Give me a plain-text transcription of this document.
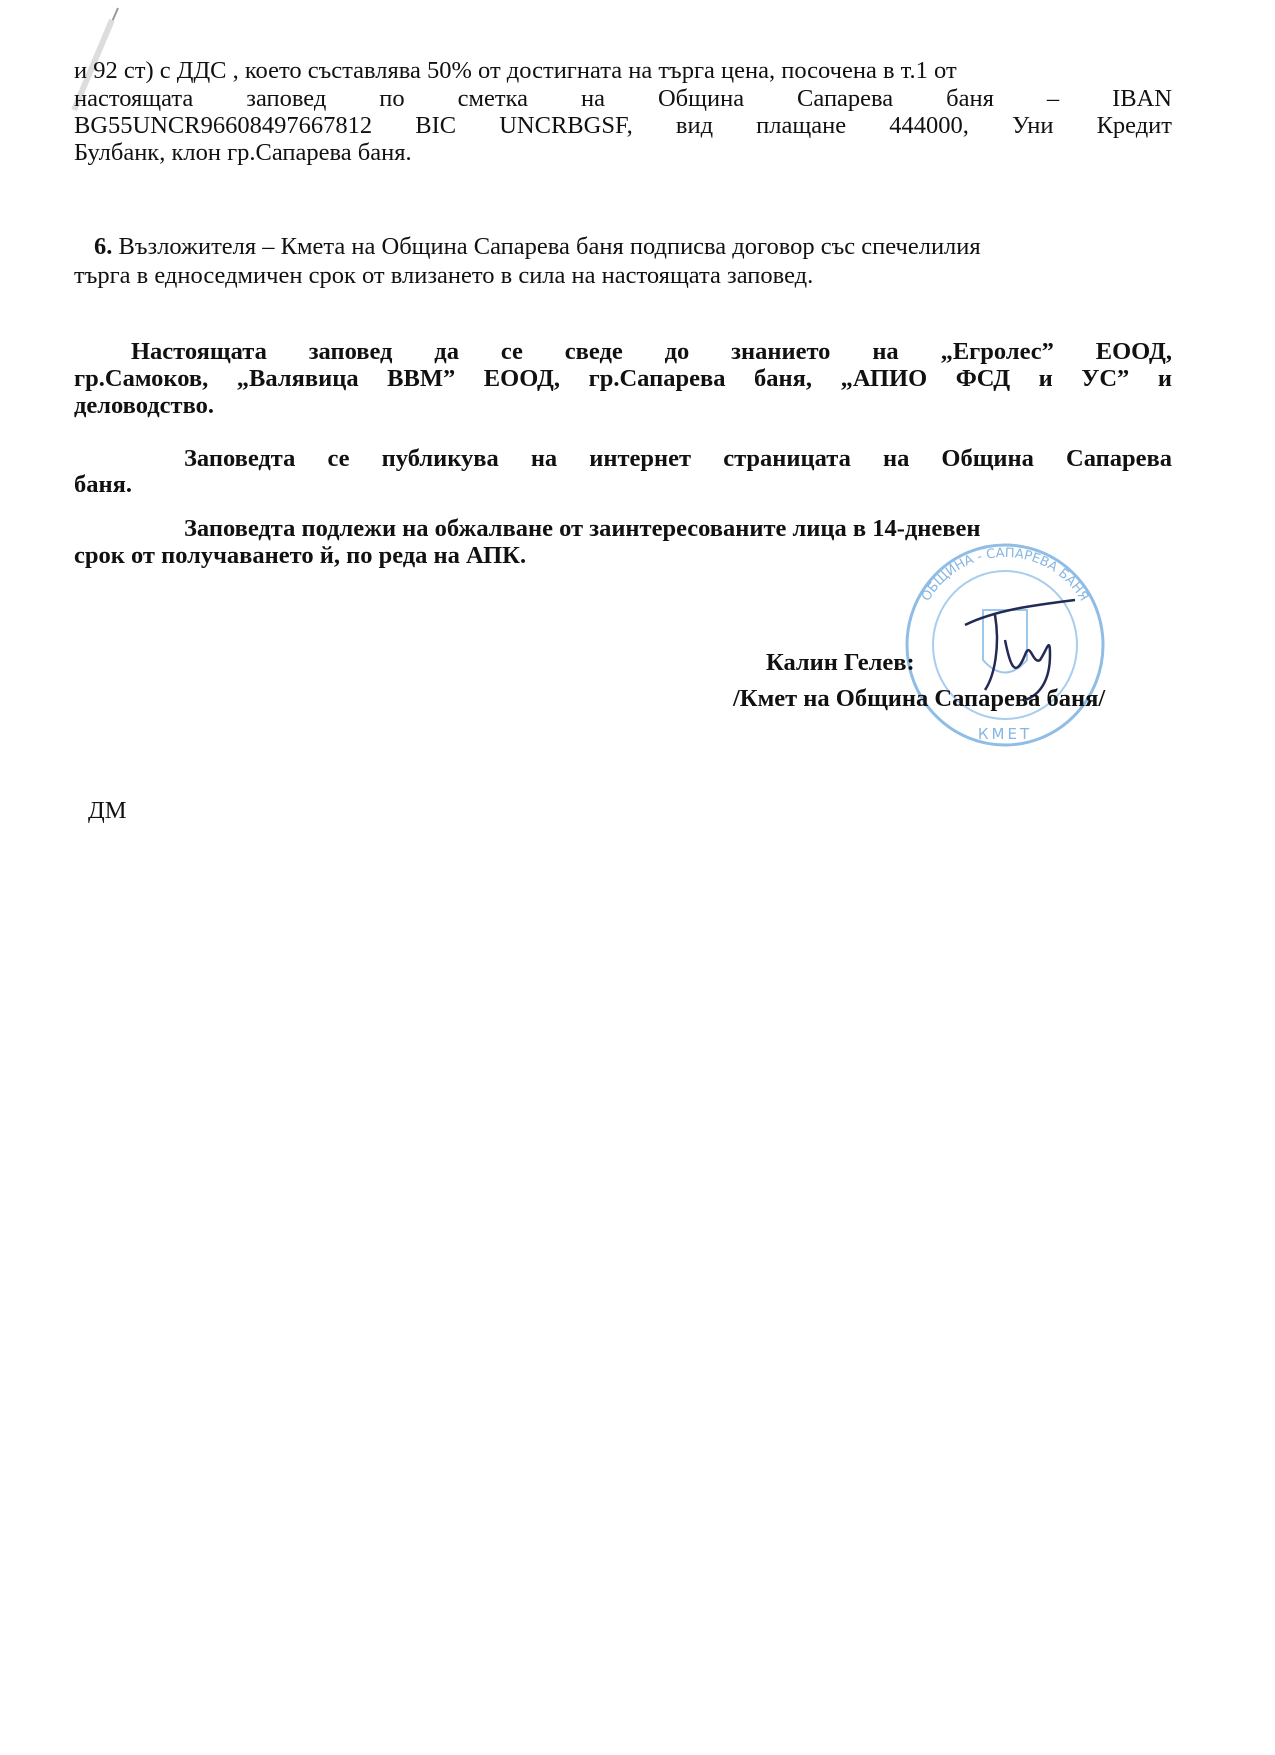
и 92 ст) с ДДС , което съставлява 50% от достигната на търга цена, посочена в т.1 от
настоящата заповед по сметка на Община Сапарева баня – IBAN
BG55UNCR96608497667812 BIC UNCRBGSF, вид плащане 444000, Уни Кредит
Булбанк, клон гр.Сапарева баня.
6. Възложителя – Кмета на Община Сапарева баня подписва договор със спечелилия
търга в едноседмичен срок от влизането в сила на настоящата заповед.
Настоящата заповед да се сведе до знанието на „Егролес” ЕООД,
гр.Самоков, „Валявица ВВМ” ЕООД, гр.Сапарева баня, „АПИО ФСД и УС” и
деловодство.
Заповедта се публикува на интернет страницата на Община Сапарева
баня.
Заповедта подлежи на обжалване от заинтересованите лица в 14-дневен
срок от получаването й, по реда на АПК.
ОБЩИНА - САПАРЕВА БАНЯ
КМЕТ
Калин Гелев:
/Кмет на Община Сапарева баня/
ДМ
